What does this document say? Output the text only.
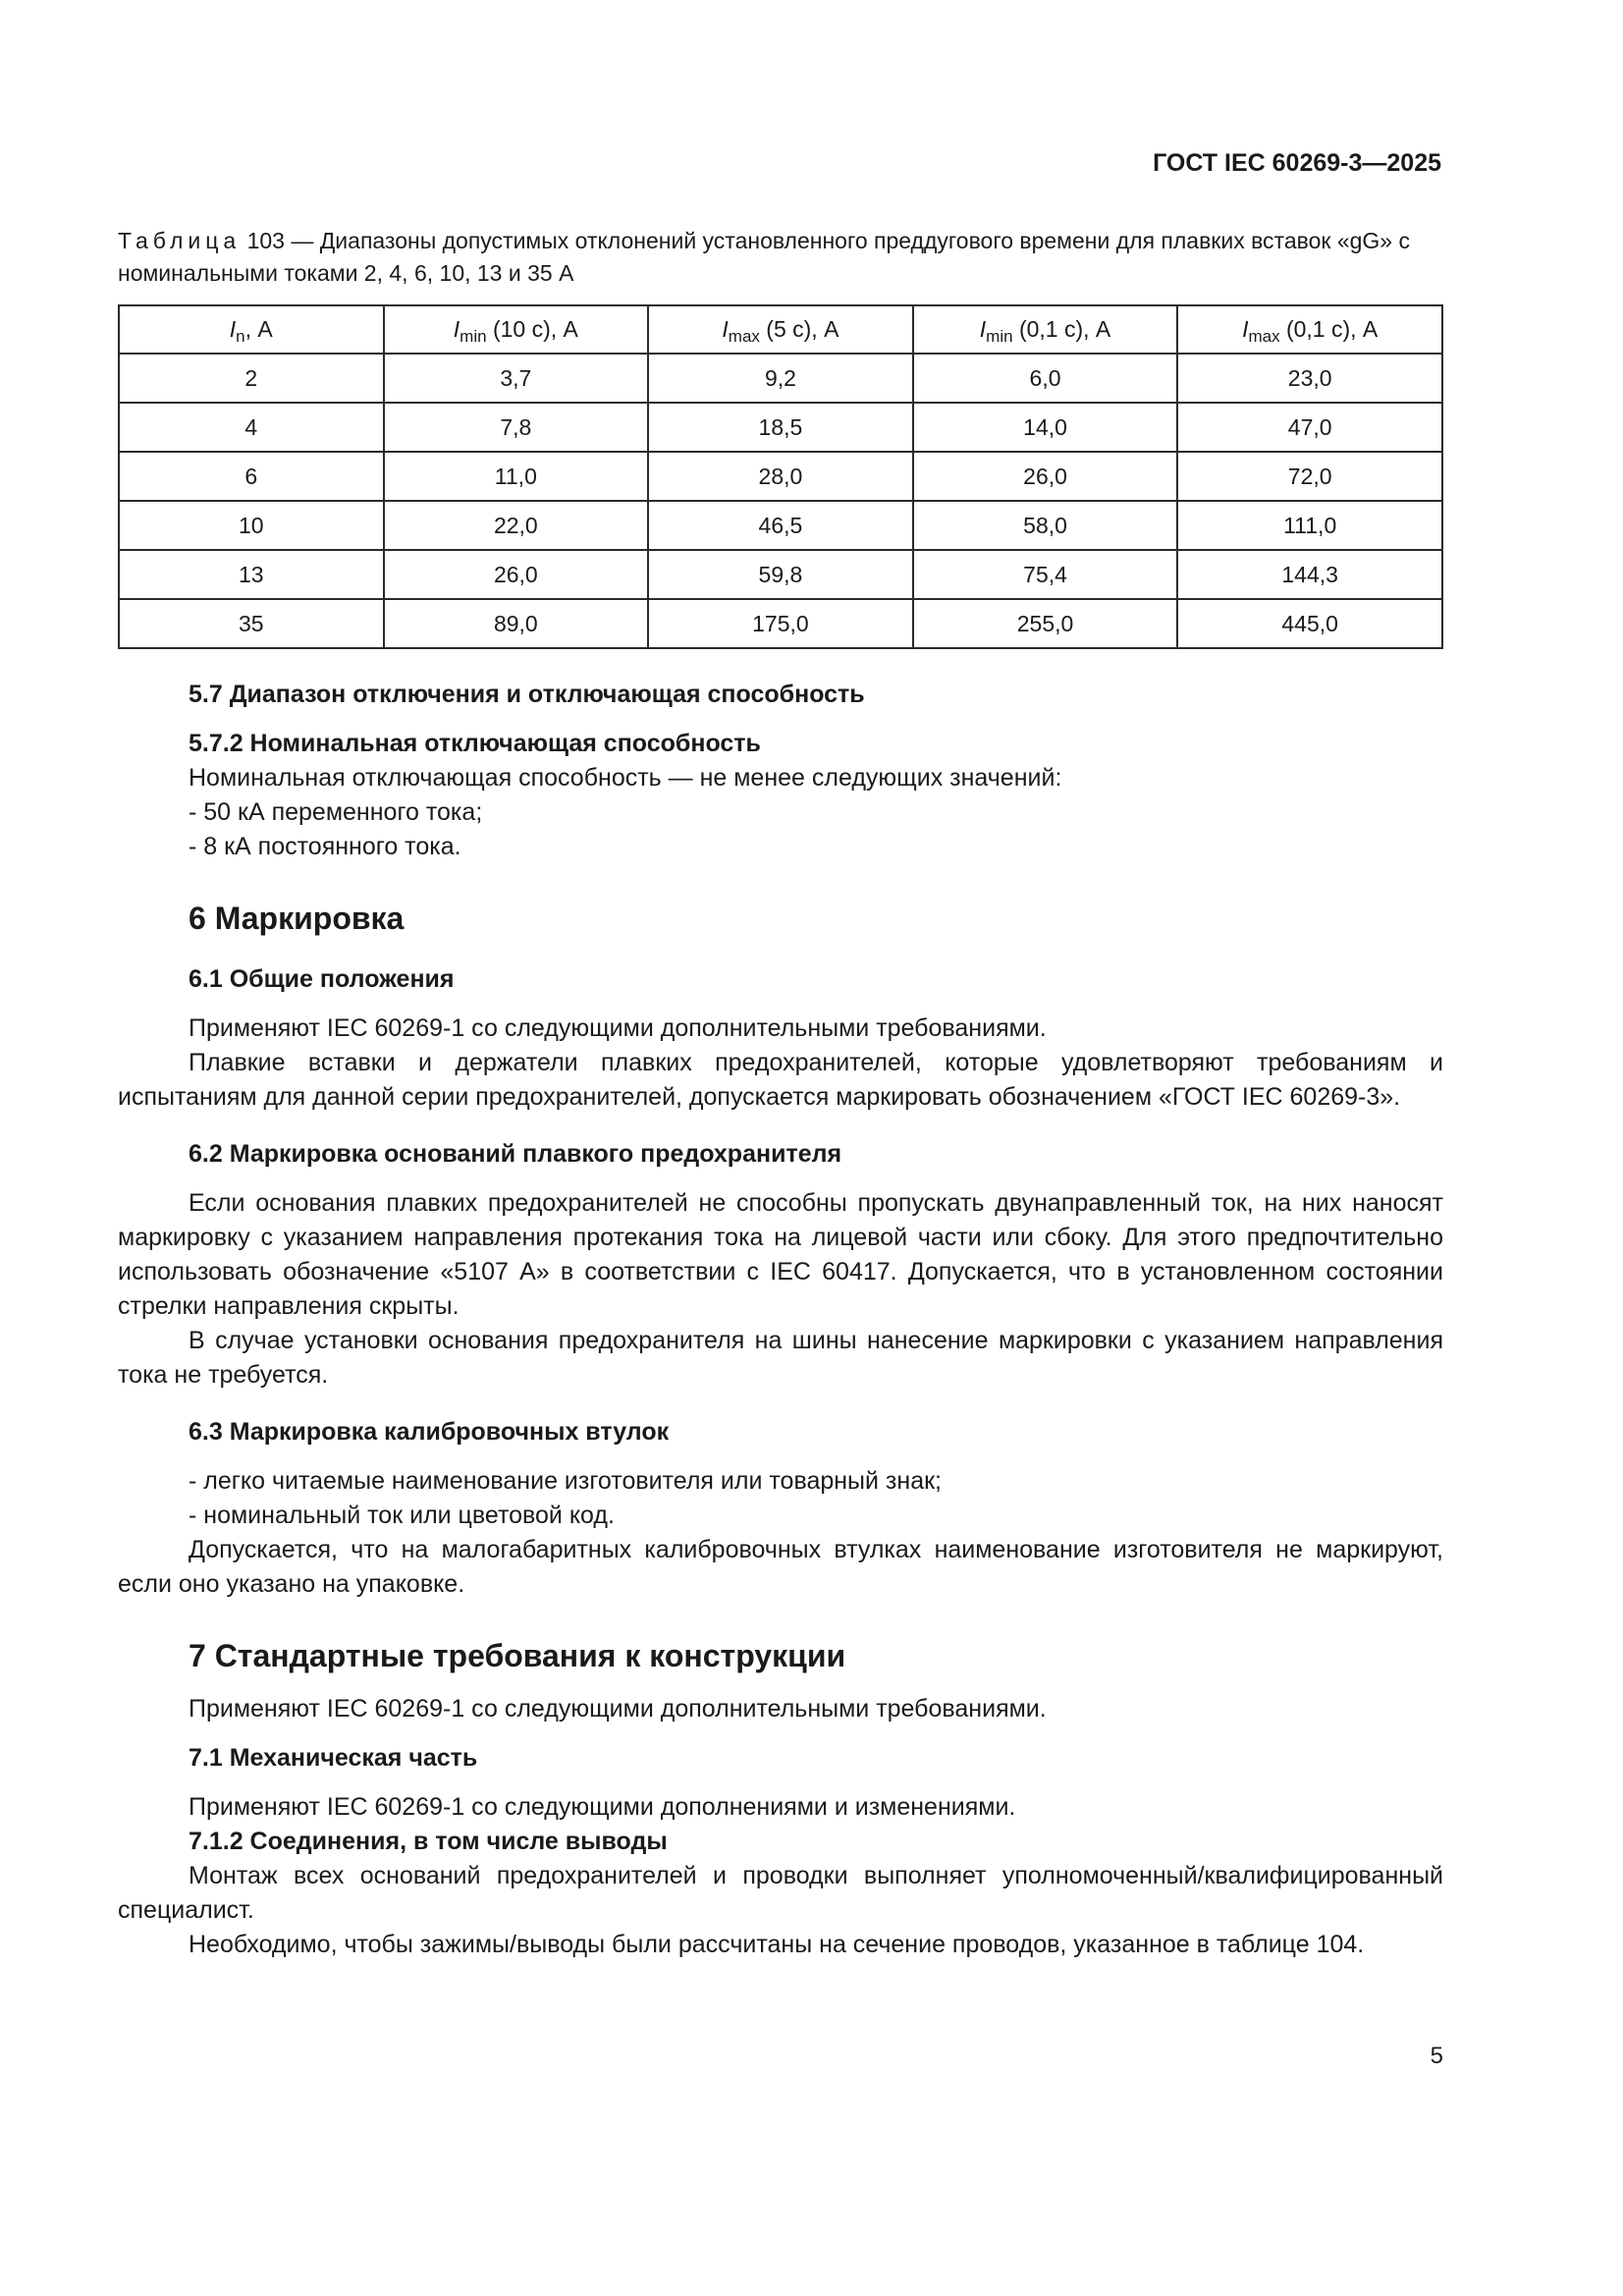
ГОСТ IEC 60269-3—2025
Таблица 103 — Диапазоны допустимых отклонений установленного преддугового времени для плавких вставок «gG» с номинальными токами 2, 4, 6, 10, 13 и 35 А
$I_n$, А	$I_{min}$ (10 с), А	$I_{max}$ (5 с), А	$I_{min}$ (0,1 с), А	$I_{max}$ (0,1 с), А
2	3,7	9,2	6,0	23,0
4	7,8	18,5	14,0	47,0
6	11,0	28,0	26,0	72,0
10	22,0	46,5	58,0	111,0
13	26,0	59,8	75,4	144,3
35	89,0	175,0	255,0	445,0

5.7 Диапазон отключения и отключающая способность

5.7.2 Номинальная отключающая способность

Номинальная отключающая способность — не менее следующих значений:

- 50 кА переменного тока;

- 8 кА постоянного тока.

6 Маркировка

6.1 Общие положения

Применяют IEC 60269-1 со следующими дополнительными требованиями.

Плавкие вставки и держатели плавких предохранителей, которые удовлетворяют требованиям и испытаниям для данной серии предохранителей, допускается маркировать обозначением «ГОСТ IEC 60269-3».

6.2 Маркировка оснований плавкого предохранителя

Если основания плавких предохранителей не способны пропускать двунаправленный ток, на них наносят маркировку с указанием направления протекания тока на лицевой части или сбоку. Для этого предпочтительно использовать обозначение «5107 А» в соответствии с IEC 60417. Допускается, что в установленном состоянии стрелки направления скрыты.

В случае установки основания предохранителя на шины нанесение маркировки с указанием направления тока не требуется.

6.3 Маркировка калибровочных втулок

- легко читаемые наименование изготовителя или товарный знак;

- номинальный ток или цветовой код.

Допускается, что на малогабаритных калибровочных втулках наименование изготовителя не маркируют, если оно указано на упаковке.

7 Стандартные требования к конструкции

Применяют IEC 60269-1 со следующими дополнительными требованиями.

7.1 Механическая часть

Применяют IEC 60269-1 со следующими дополнениями и изменениями.

7.1.2 Соединения, в том числе выводы

Монтаж всех оснований предохранителей и проводки выполняет уполномоченный/квалифицированный специалист.

Необходимо, чтобы зажимы/выводы были рассчитаны на сечение проводов, указанное в таблице 104.

5
